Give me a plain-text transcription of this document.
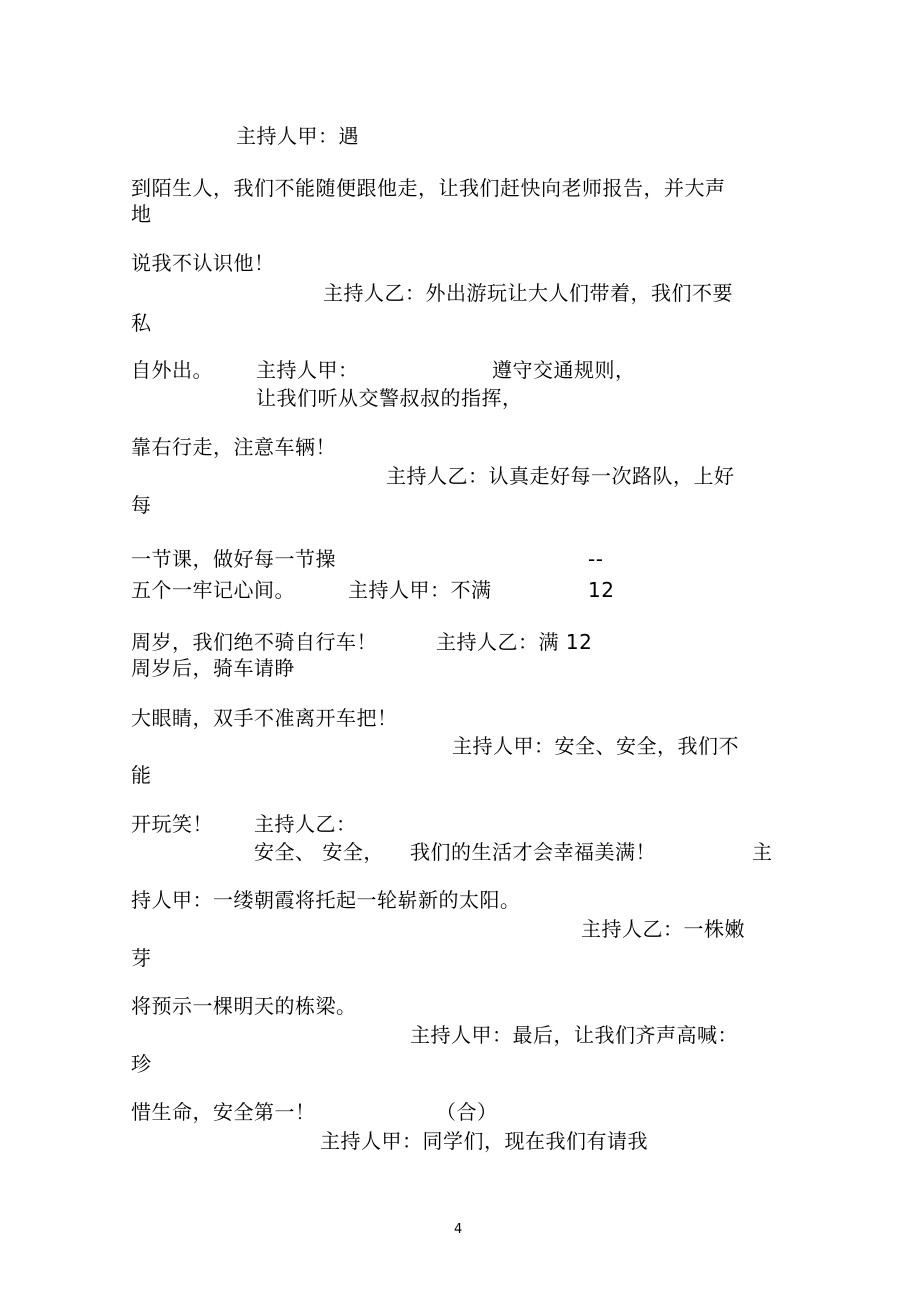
主持人甲：遇
到陌生人，我们不能随便跟他走，让我们赶快向老师报告，并大声
地
说我不认识他！
主持人乙：外出游玩让大人们带着，我们不要
私
自外出。 主持人甲：	遵守交通规则，
让我们听从交警叔叔的指挥，
靠右行走，注意车辆！
主持人乙：认真走好每一次路队，上好
每
一节课，做好每一节操	--
五个一牢记心间。	主持人甲：不满	12
周岁，我们绝不骑自行车！	主持人乙：满 12
周岁后，骑车请睁
大眼睛，双手不准离开车把！
主持人甲：安全、安全，我们不
能
开玩笑！ 主持人乙：
安全、 安全， 我们的生活才会幸福美满！	主
持人甲：一缕朝霞将托起一轮崭新的太阳。
主持人乙：一株嫩
芽
将预示一棵明天的栋梁。
主持人甲：最后，让我们齐声高喊：
珍
惜生命，安全第一！	（合）
主持人甲：同学们，现在我们有请我
4
